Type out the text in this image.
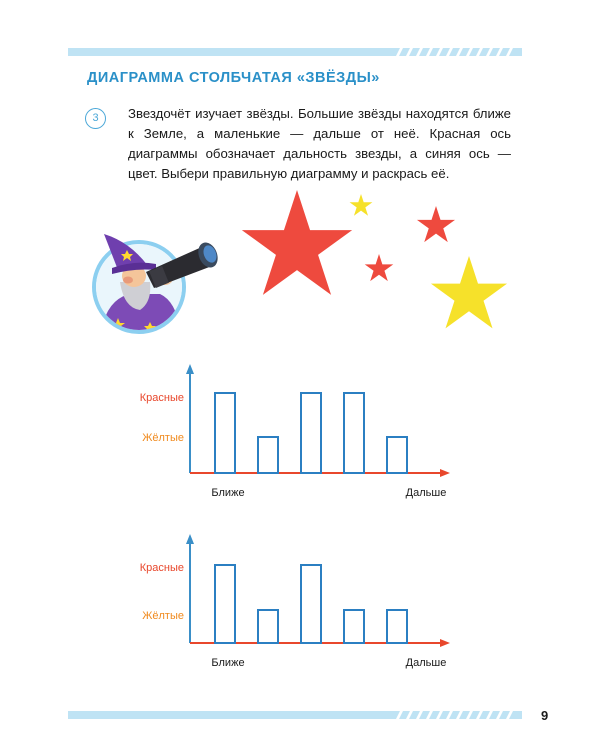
ДИАГРАММА СТОЛБЧАТАЯ «ЗВЁЗДЫ»
3	Звездочёт изучает звёзды. Большие звёзды находятся ближе к Земле, а маленькие — дальше от неё. Красная ось диаграммы обозначает дальность звезды, а синяя ось — цвет. Выбери правильную диаграмму и раскрась её.
Красные
Жёлтые
Ближе	Дальше
Красные
Жёлтые
Ближе	Дальше
9
